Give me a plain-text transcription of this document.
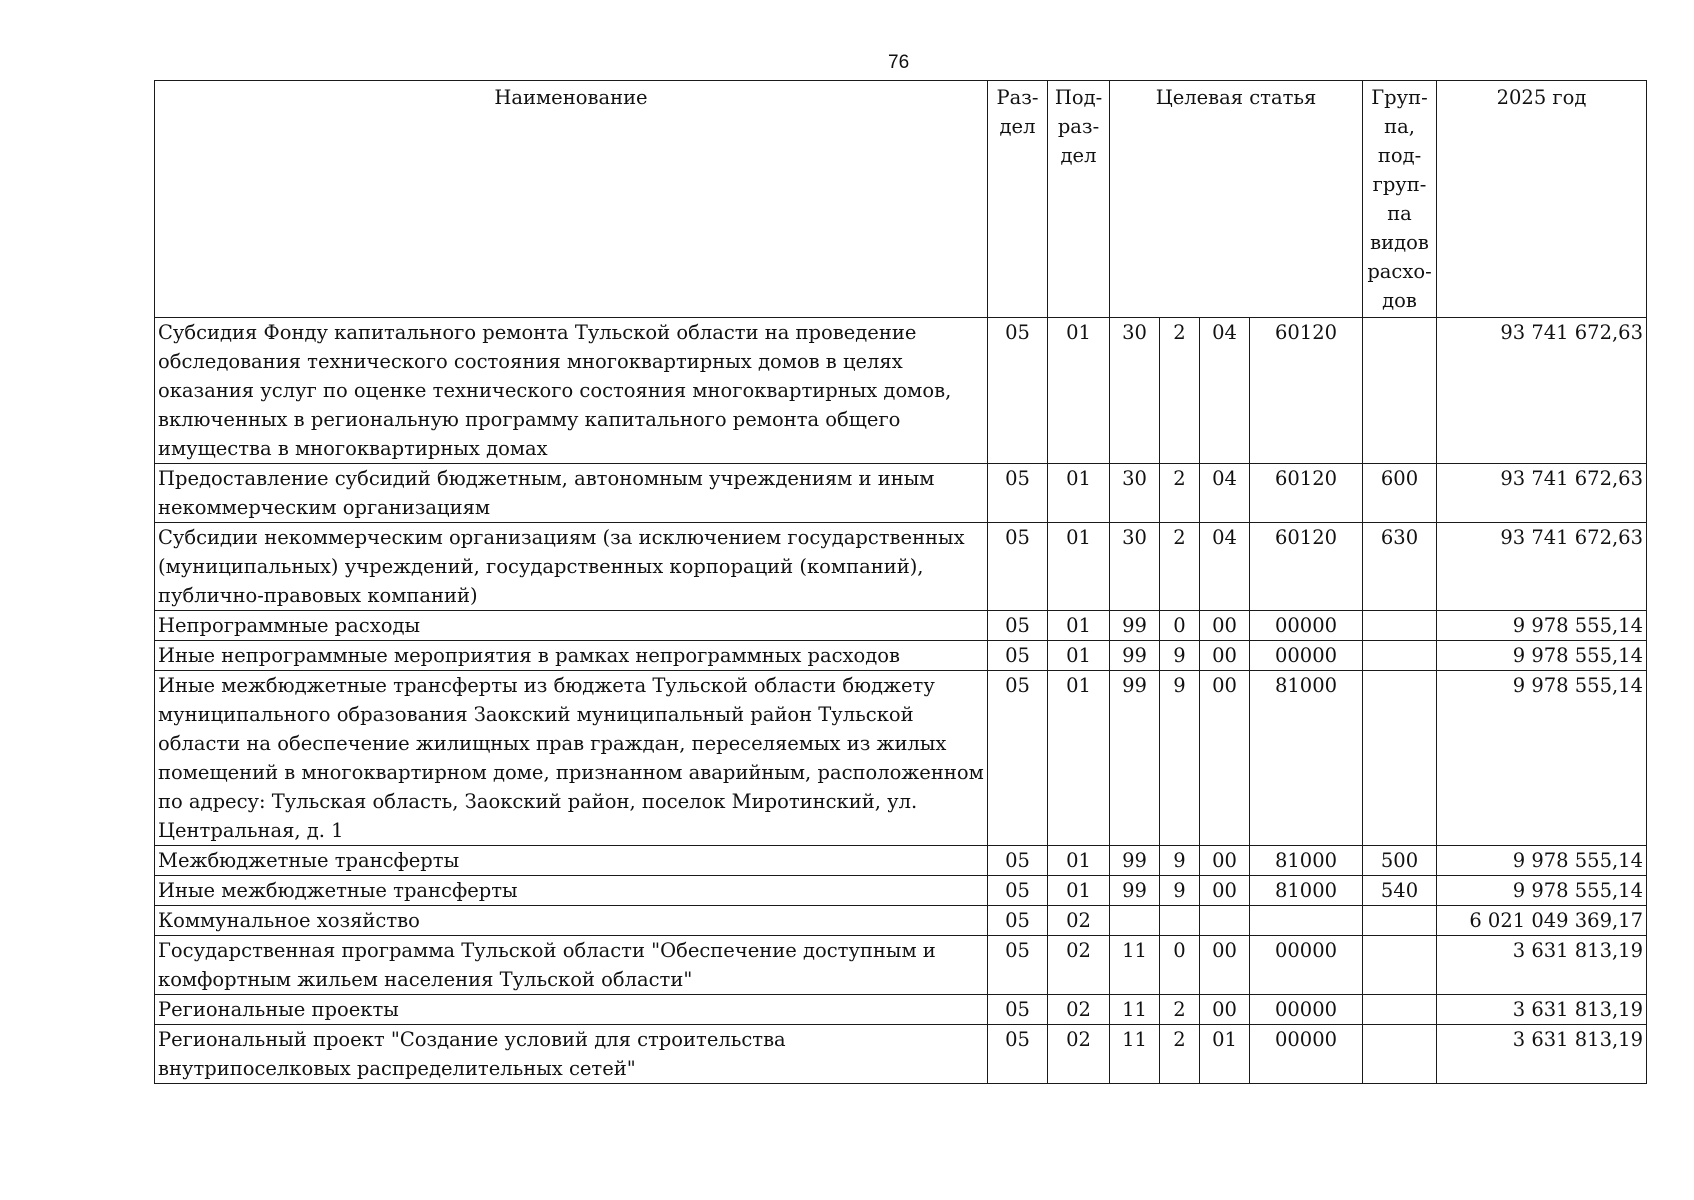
76
Наименование	Раз-дел	Под-раз-дел	Целевая статья				Груп-па, под-груп-па видов расхо-дов	2025 год
Субсидия Фонду капитального ремонта Тульской области на проведение обследования технического состояния многоквартирных домов в целях оказания услуг по оценке технического состояния многоквартирных домов, включенных в региональную программу капитального ремонта общего имущества в многоквартирных домах	05	01	30	2	04	60120		93 741 672,63
Предоставление субсидий бюджетным, автономным учреждениям и иным некоммерческим организациям	05	01	30	2	04	60120	600	93 741 672,63
Субсидии некоммерческим организациям (за исключением государственных (муниципальных) учреждений, государственных корпораций (компаний), публично-правовых компаний)	05	01	30	2	04	60120	630	93 741 672,63
Непрограммные расходы	05	01	99	0	00	00000		9 978 555,14
Иные непрограммные мероприятия в рамках непрограммных расходов	05	01	99	9	00	00000		9 978 555,14
Иные межбюджетные трансферты из бюджета Тульской области бюджету муниципального образования Заокский муниципальный район Тульской области на обеспечение жилищных прав граждан, переселяемых из жилых помещений в многоквартирном доме, признанном аварийным, расположенном по адресу: Тульская область, Заокский район, поселок Миротинский, ул. Центральная, д. 1	05	01	99	9	00	81000		9 978 555,14
Межбюджетные трансферты	05	01	99	9	00	81000	500	9 978 555,14
Иные межбюджетные трансферты	05	01	99	9	00	81000	540	9 978 555,14
Коммунальное хозяйство	05	02						6 021 049 369,17
Государственная программа Тульской области "Обеспечение доступным и комфортным жильем населения Тульской области"	05	02	11	0	00	00000		3 631 813,19
Региональные проекты	05	02	11	2	00	00000		3 631 813,19
Региональный проект "Создание условий для строительства внутрипоселковых распределительных сетей"	05	02	11	2	01	00000		3 631 813,19
